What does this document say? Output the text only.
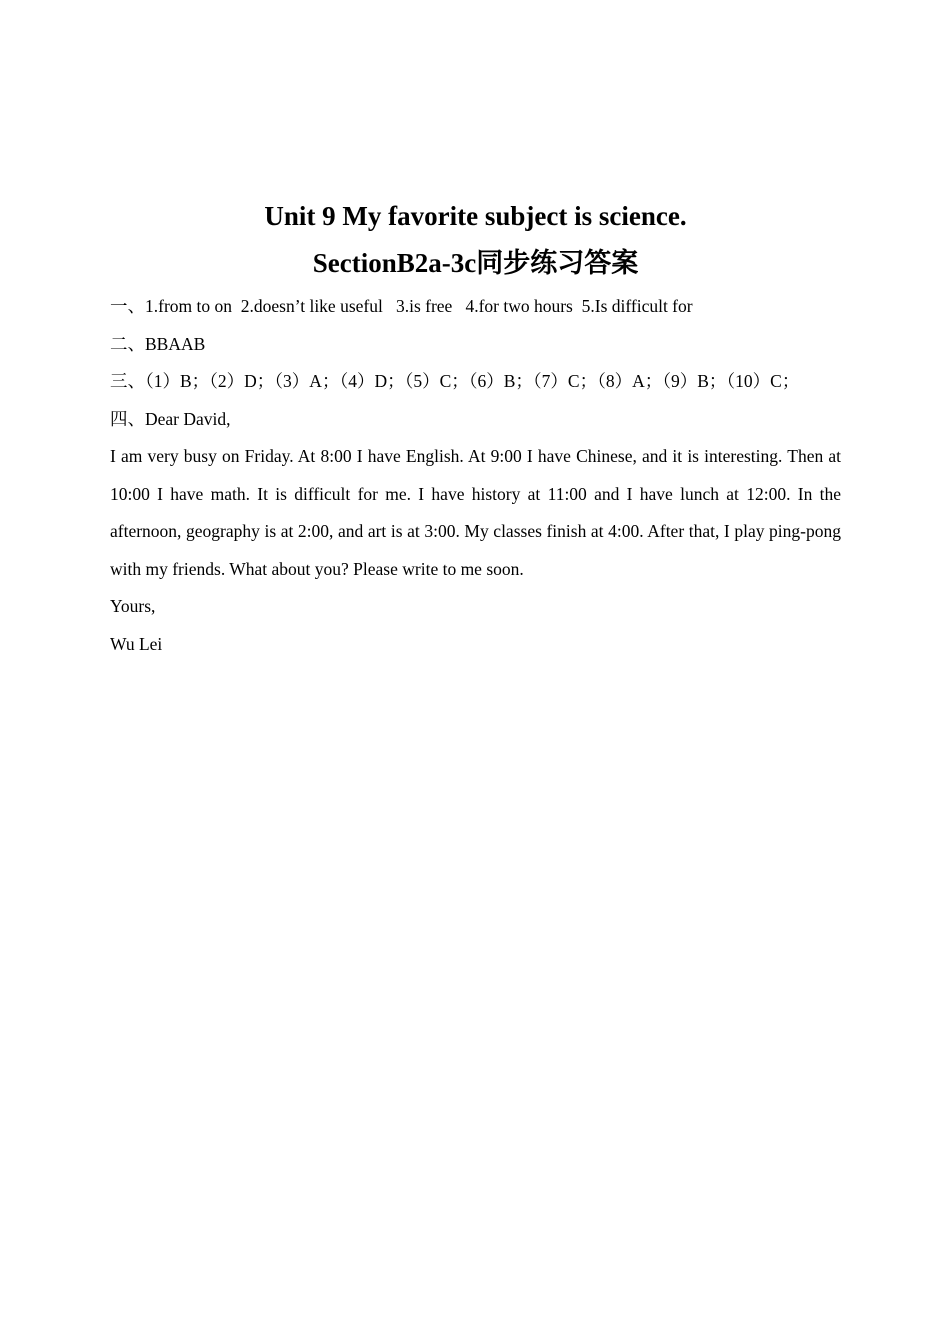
Unit 9 My favorite subject is science.
SectionB2a-3c同步练习答案

一、1.from to on  2.doesn’t like useful   3.is free   4.for two hours  5.Is difficult for

二、BBAAB

三、（1）B；（2）D；（3）A；（4）D；（5）C；（6）B；（7）C；（8）A；（9）B；（10）C；

四、Dear David,

I am very busy on Friday. At 8:00 I have English. At 9:00 I have Chinese, and it is interesting. Then at 10:00 I have math. It is difficult for me. I have history at 11:00 and I have lunch at 12:00. In the afternoon, geography is at 2:00, and art is at 3:00. My classes finish at 4:00. After that, I play ping-pong with my friends. What about you? Please write to me soon.

Yours,

Wu Lei
